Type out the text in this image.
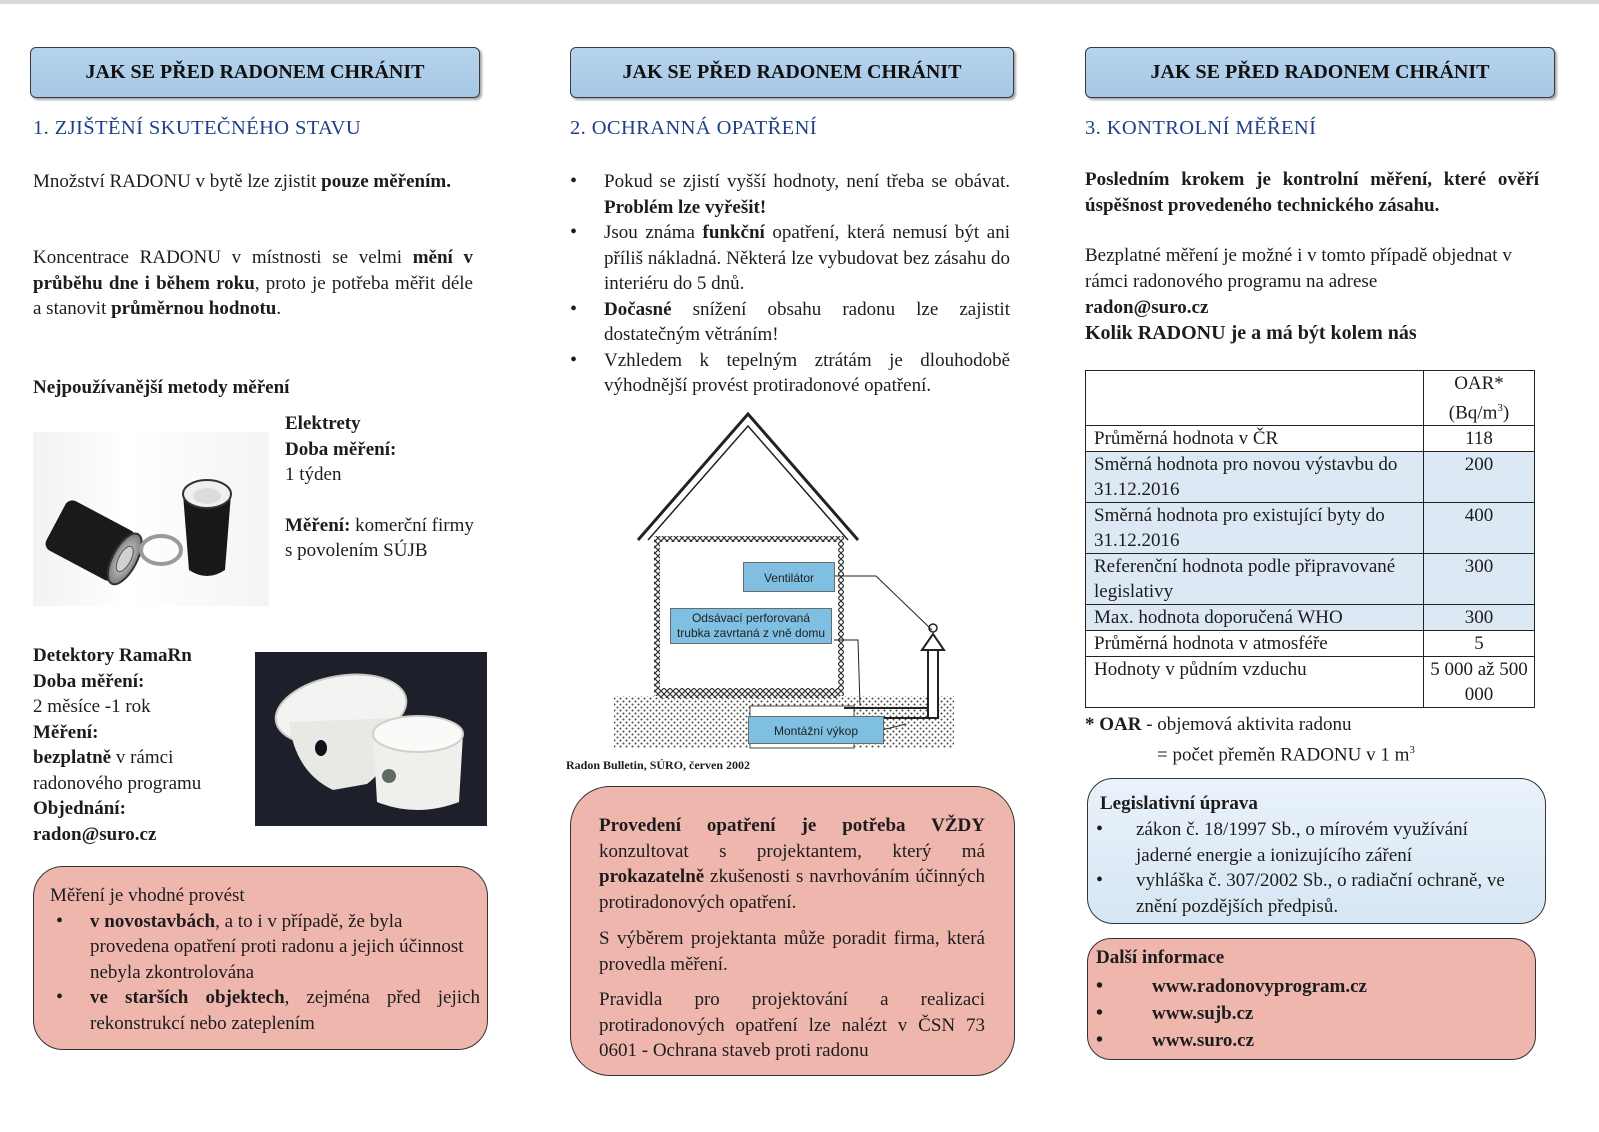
JAK SE PŘED RADONEM CHRÁNIT
1. ZJIŠTĚNÍ SKUTEČNÉHO STAVU
Množství RADONU v bytě lze zjistit pouze měřením.
Koncentrace RADONU v místnosti se velmi mění v průběhu dne i během roku, proto je potřeba měřit déle a stanovit průměrnou hodnotu.
Nejpoužívanější metody měření
Elektrety
Doba měření:
1 týden
Měření: komerční firmy s povolením SÚJB
Detektory RamaRn
Doba měření:
2 měsíce -1 rok
Měření:
bezplatně v rámci radonového programu
Objednání:
radon@suro.cz
Měření je vhodné provést
• v novostavbách, a to i v případě, že byla provedena opatření proti radonu a jejich účinnost nebyla zkontrolována
• ve starších objektech, zejména před jejich rekonstrukcí nebo zateplením
JAK SE PŘED RADONEM CHRÁNIT
2. OCHRANNÁ OPATŘENÍ
• Pokud se zjistí vyšší hodnoty, není třeba se obávat. Problém lze vyřešit!
• Jsou známa funkční opatření, která nemusí být ani příliš nákladná. Některá lze vybudovat bez zásahu do interiéru do 5 dnů.
• Dočasné snížení obsahu radonu lze zajistit dostatečným větráním!
• Vzhledem k tepelným ztrátám je dlouhodobě výhodnější provést protiradonové opatření.
Ventilátor
Odsávací perforovaná trubka zavrtaná z vně domu
Montážní výkop
Radon Bulletin, SÚRO, červen 2002
Provedení opatření je potřeba VŽDY konzultovat s projektantem, který má prokazatelně zkušenosti s navrhováním účinných protiradonových opatření.
S výběrem projektanta může poradit firma, která provedla měření.
Pravidla pro projektování a realizaci protiradonových opatření lze nalézt v ČSN 73 0601 - Ochrana staveb proti radonu
JAK SE PŘED RADONEM CHRÁNIT
3. KONTROLNÍ MĚŘENÍ
Posledním krokem je kontrolní měření, které ověří úspěšnost provedeného technického zásahu.
Bezplatné měření je možné i v tomto případě objednat v rámci radonového programu na adrese
radon@suro.cz
Kolik RADONU je a má být kolem nás

	OAR*
$(Bq/m^3)$

Průměrná hodnota v ČR	118
Směrná hodnota pro novou výstavbu do 31.12.2016	200
Směrná hodnota pro existující byty do 31.12.2016	400
Referenční hodnota podle připravované legislativy	300
Max. hodnota doporučená WHO	300
Průměrná hodnota v atmosféře	5
Hodnoty v půdním vzduchu	5 000 až 500 000
* OAR - objemová aktivita radonu
= počet přeměn RADONU v 1 $m^3$
Legislativní úprava
• zákon č. 18/1997 Sb., o mírovém využívání jaderné energie a ionizujícího záření
• vyhláška č. 307/2002 Sb., o radiační ochraně, ve znění pozdějších předpisů.
Další informace
• www.radonovyprogram.cz
• www.sujb.cz
• www.suro.cz
